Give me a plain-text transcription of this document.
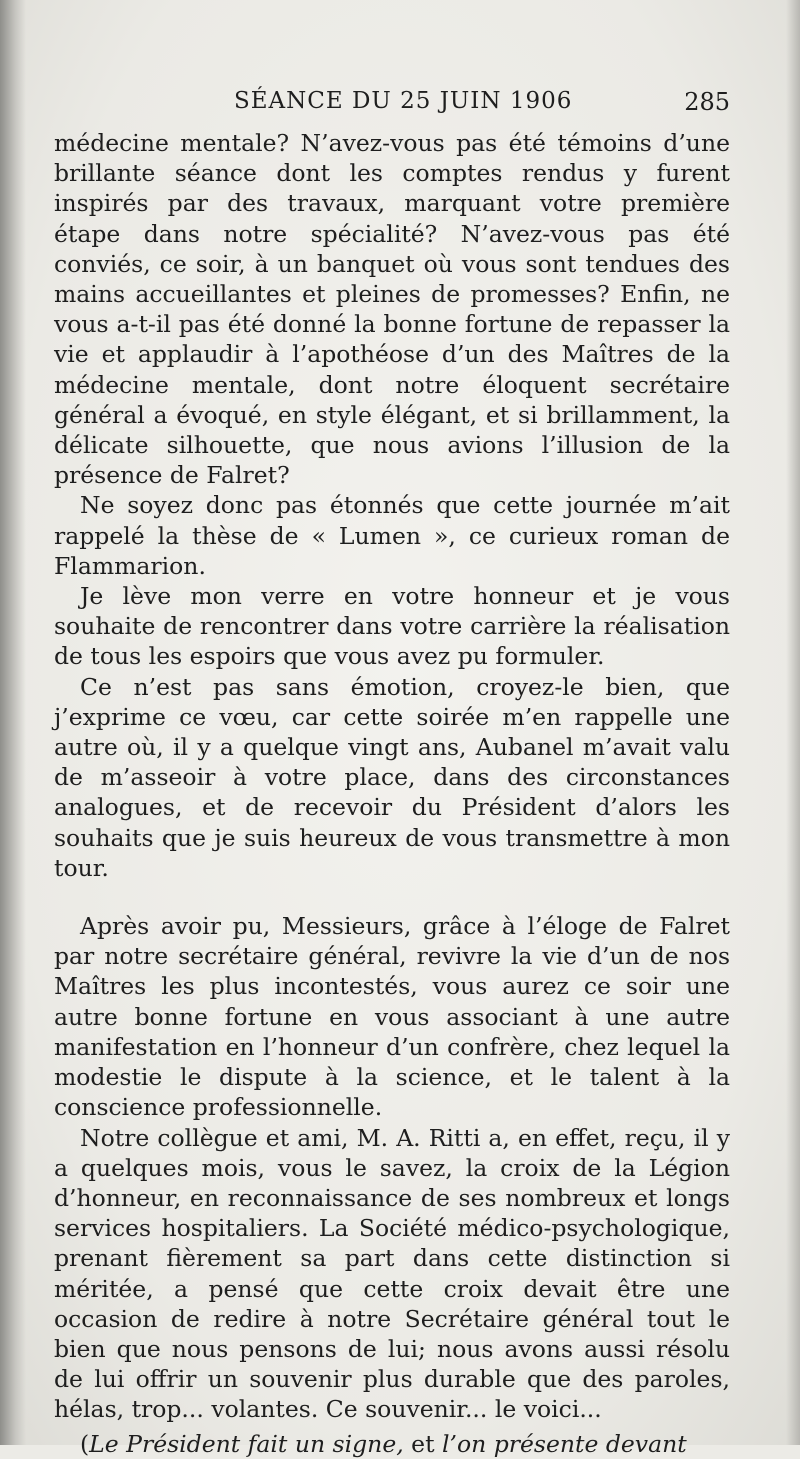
SÉANCE DU 25 JUIN 1906	285

médecine mentale? N’avez-vous pas été témoins d’une brillante séance dont les comptes rendus y furent inspirés par des travaux, marquant votre première étape dans notre spécialité? N’avez-vous pas été conviés, ce soir, à un banquet où vous sont tendues des mains accueillantes et pleines de promesses? Enfin, ne vous a-t-il pas été donné la bonne fortune de repasser la vie et applaudir à l’apothéose d’un des Maîtres de la médecine mentale, dont notre éloquent secrétaire général a évoqué, en style élégant, et si brillamment, la délicate silhouette, que nous avions l’illusion de la présence de Falret?

Ne soyez donc pas étonnés que cette journée m’ait rappelé la thèse de « Lumen », ce curieux roman de Flammarion.

Je lève mon verre en votre honneur et je vous souhaite de rencontrer dans votre carrière la réalisation de tous les espoirs que vous avez pu formuler.

Ce n’est pas sans émotion, croyez-le bien, que j’exprime ce vœu, car cette soirée m’en rappelle une autre où, il y a quelque vingt ans, Aubanel m’avait valu de m’asseoir à votre place, dans des circonstances analogues, et de recevoir du Président d’alors les souhaits que je suis heureux de vous transmettre à mon tour.

Après avoir pu, Messieurs, grâce à l’éloge de Falret par notre secrétaire général, revivre la vie d’un de nos Maîtres les plus incontestés, vous aurez ce soir une autre bonne fortune en vous associant à une autre manifestation en l’honneur d’un confrère, chez lequel la modestie le dispute à la science, et le talent à la conscience professionnelle.

Notre collègue et ami, M. A. Ritti a, en effet, reçu, il y a quelques mois, vous le savez, la croix de la Légion d’honneur, en reconnaissance de ses nombreux et longs services hospitaliers. La Société médico-psychologique, prenant fièrement sa part dans cette distinction si méritée, a pensé que cette croix devait être une occasion de redire à notre Secrétaire général tout le bien que nous pensons de lui; nous avons aussi résolu de lui offrir un souvenir plus durable que des paroles, hélas, trop... volantes. Ce souvenir... le voici...

(Le Président fait un signe, et l’on présente devant
